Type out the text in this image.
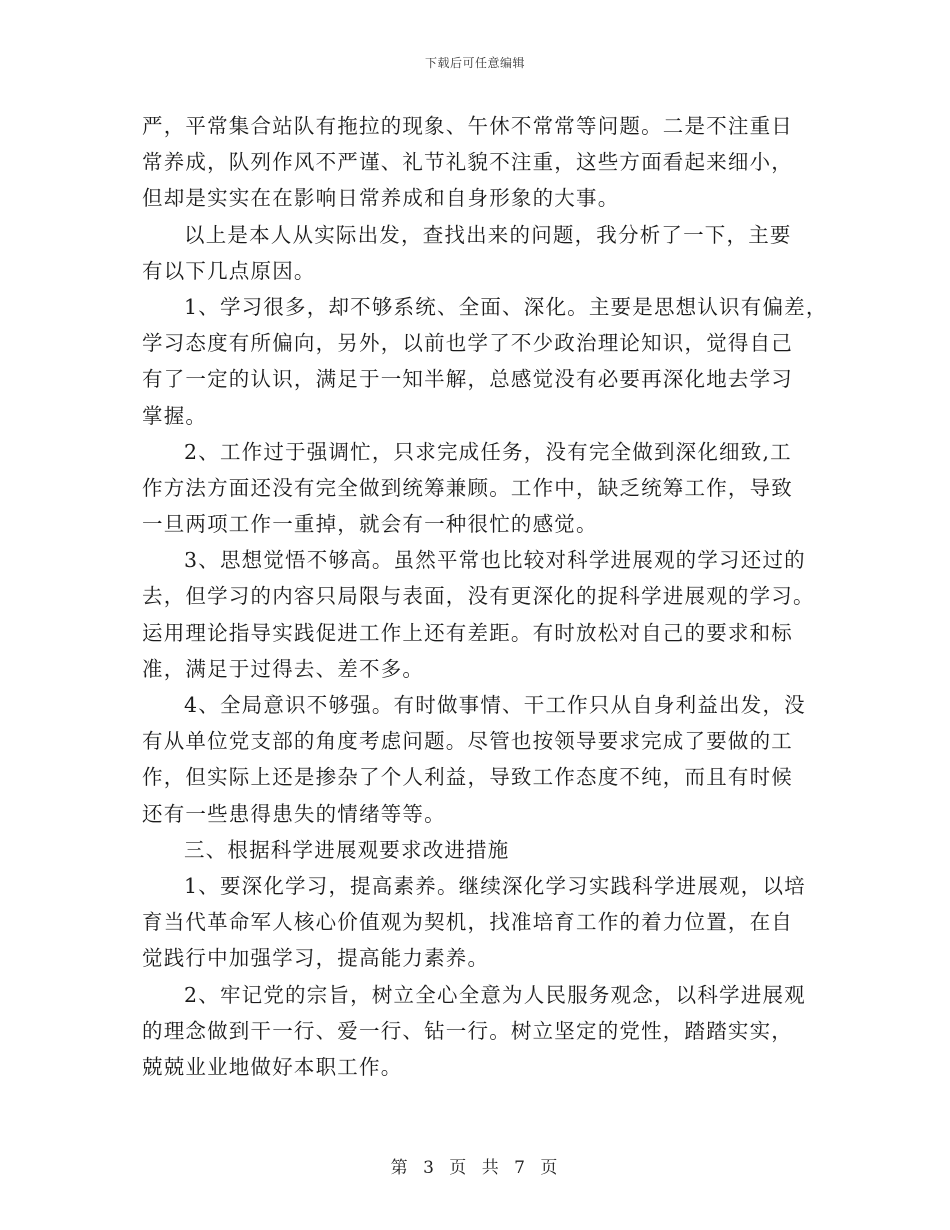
下载后可任意编辑
严，平常集合站队有拖拉的现象、午休不常常等问题。二是不注重日
常养成，队列作风不严谨、礼节礼貌不注重，这些方面看起来细小，
但却是实实在在影响日常养成和自身形象的大事。
以上是本人从实际出发，查找出来的问题，我分析了一下，主要
有以下几点原因。
1、学习很多，却不够系统、全面、深化。主要是思想认识有偏差，
学习态度有所偏向，另外，以前也学了不少政治理论知识，觉得自己
有了一定的认识，满足于一知半解，总感觉没有必要再深化地去学习
掌握。
2、工作过于强调忙，只求完成任务，没有完全做到深化细致,工
作方法方面还没有完全做到统筹兼顾。工作中，缺乏统筹工作，导致
一旦两项工作一重掉，就会有一种很忙的感觉。
3、思想觉悟不够高。虽然平常也比较对科学进展观的学习还过的
去，但学习的内容只局限与表面，没有更深化的捉科学进展观的学习。
运用理论指导实践促进工作上还有差距。有时放松对自己的要求和标
准，满足于过得去、差不多。
4、全局意识不够强。有时做事情、干工作只从自身利益出发，没
有从单位党支部的角度考虑问题。尽管也按领导要求完成了要做的工
作，但实际上还是掺杂了个人利益，导致工作态度不纯，而且有时候
还有一些患得患失的情绪等等。
三、根据科学进展观要求改进措施
1、要深化学习，提高素养。继续深化学习实践科学进展观，以培
育当代革命军人核心价值观为契机，找准培育工作的着力位置，在自
觉践行中加强学习，提高能力素养。
2、牢记党的宗旨，树立全心全意为人民服务观念，以科学进展观
的理念做到干一行、爱一行、钻一行。树立坚定的党性，踏踏实实，
兢兢业业地做好本职工作。
第 3 页 共 7 页
